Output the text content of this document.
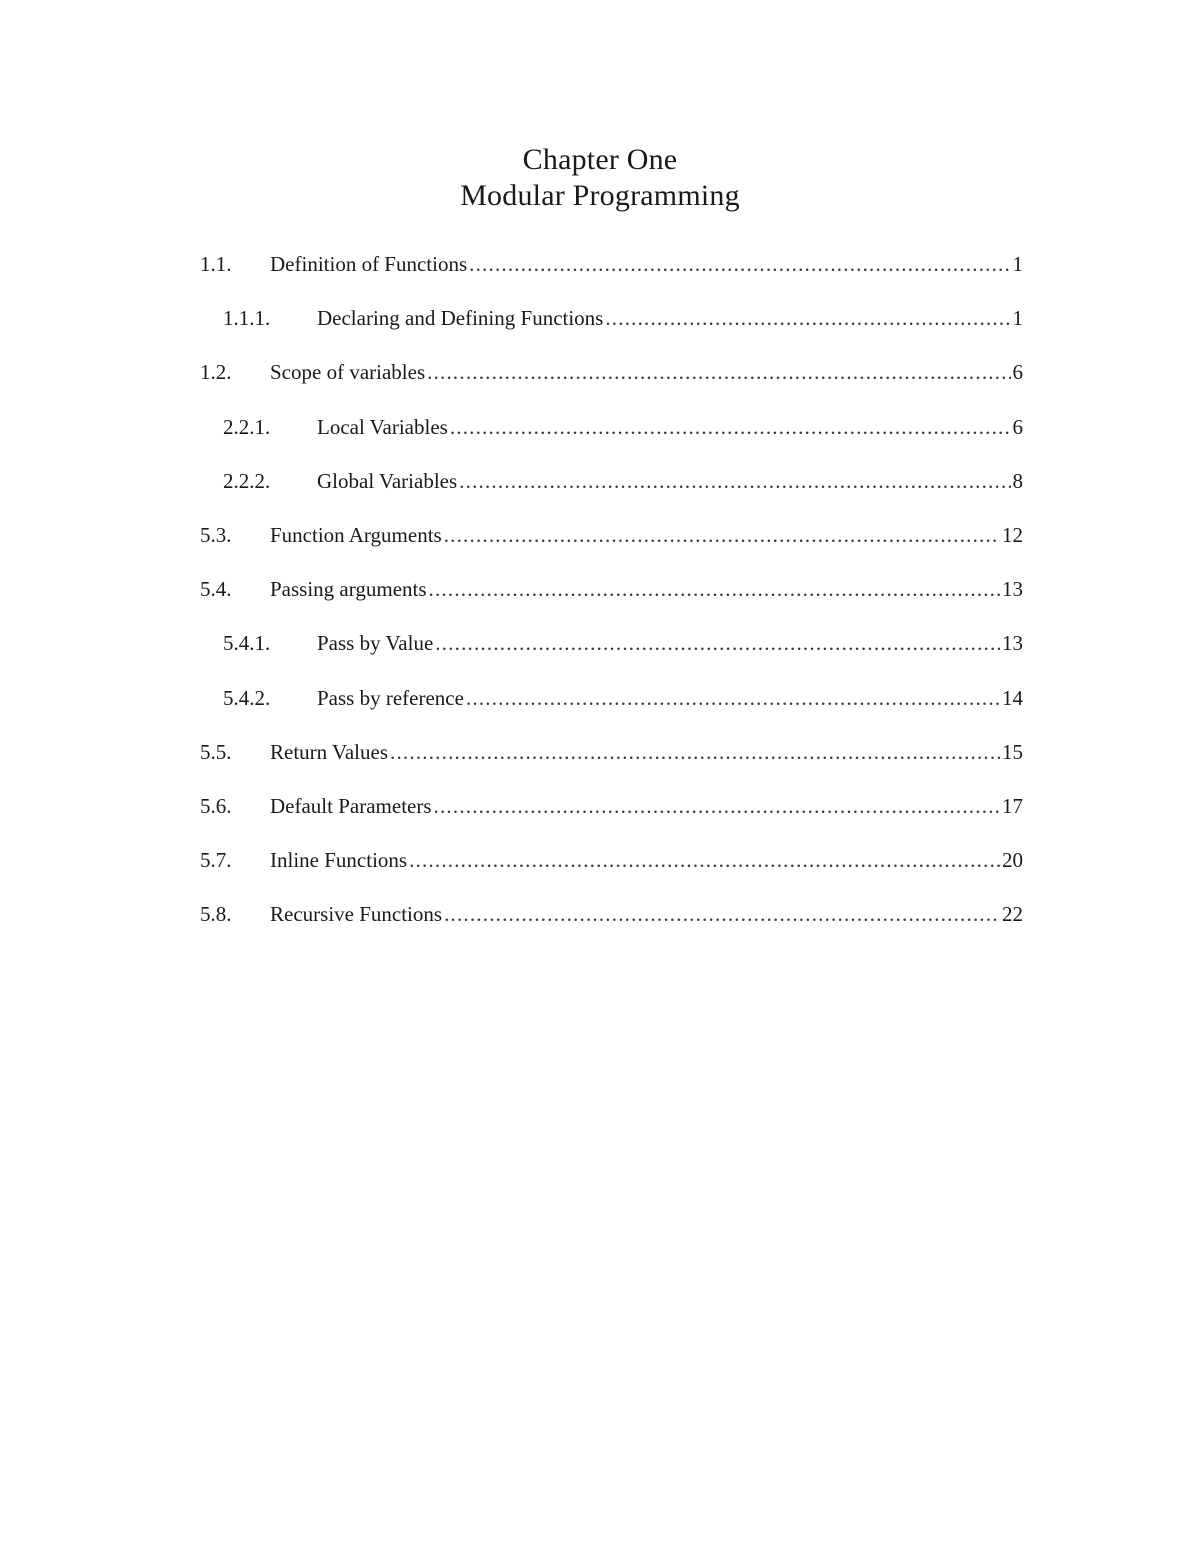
Chapter One
Modular Programming
1.1.	Definition of Functions .....	1
1.1.1.	Declaring and Defining Functions .....	1
1.2.	Scope of variables .....	6
2.2.1.	Local Variables .....	6
2.2.2.	Global Variables .....	8
5.3.	Function Arguments .....	12
5.4.	Passing arguments .....	13
5.4.1.	Pass by Value .....	13
5.4.2.	Pass by reference .....	14
5.5.	Return Values .....	15
5.6.	Default Parameters .....	17
5.7.	Inline Functions .....	20
5.8.	Recursive Functions .....	22
